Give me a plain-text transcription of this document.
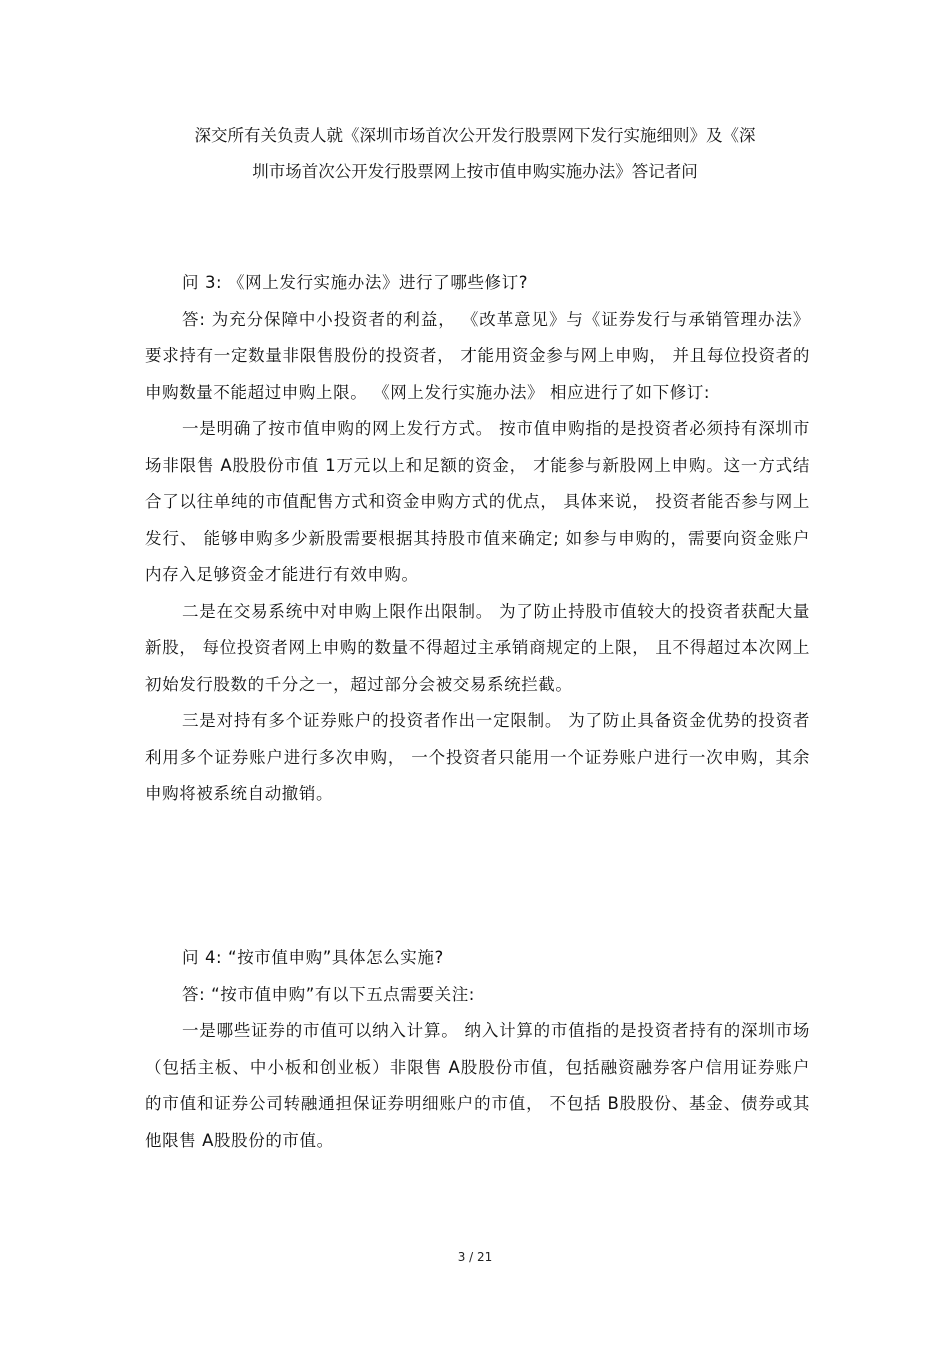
深交所有关负责人就《深圳市场首次公开发行股票网下发行实施细则》及《深
圳市场首次公开发行股票网上按市值申购实施办法》答记者问

问 3: 《网上发行实施办法》进行了哪些修订?

答: 为充分保障中小投资者的利益， 《改革意见》与《证券发行与承销管理办法》要求持有一定数量非限售股份的投资者， 才能用资金参与网上申购， 并且每位投资者的申购数量不能超过申购上限。 《网上发行实施办法》 相应进行了如下修订:

一是明确了按市值申购的网上发行方式。 按市值申购指的是投资者必须持有深圳市场非限售 A股股份市值 1万元以上和足额的资金， 才能参与新股网上申购。这一方式结合了以往单纯的市值配售方式和资金申购方式的优点， 具体来说， 投资者能否参与网上发行、 能够申购多少新股需要根据其持股市值来确定; 如参与申购的，需要向资金账户内存入足够资金才能进行有效申购。

二是在交易系统中对申购上限作出限制。 为了防止持股市值较大的投资者获配大量新股， 每位投资者网上申购的数量不得超过主承销商规定的上限， 且不得超过本次网上初始发行股数的千分之一，超过部分会被交易系统拦截。

三是对持有多个证券账户的投资者作出一定限制。 为了防止具备资金优势的投资者利用多个证券账户进行多次申购， 一个投资者只能用一个证券账户进行一次申购，其余申购将被系统自动撤销。

问 4: “按市值申购”具体怎么实施?

答: “按市值申购”有以下五点需要关注:

一是哪些证券的市值可以纳入计算。 纳入计算的市值指的是投资者持有的深圳市场（包括主板、中小板和创业板）非限售 A股股份市值，包括融资融券客户信用证券账户的市值和证券公司转融通担保证券明细账户的市值， 不包括 B股股份、基金、债券或其他限售 A股股份的市值。

3 / 21
